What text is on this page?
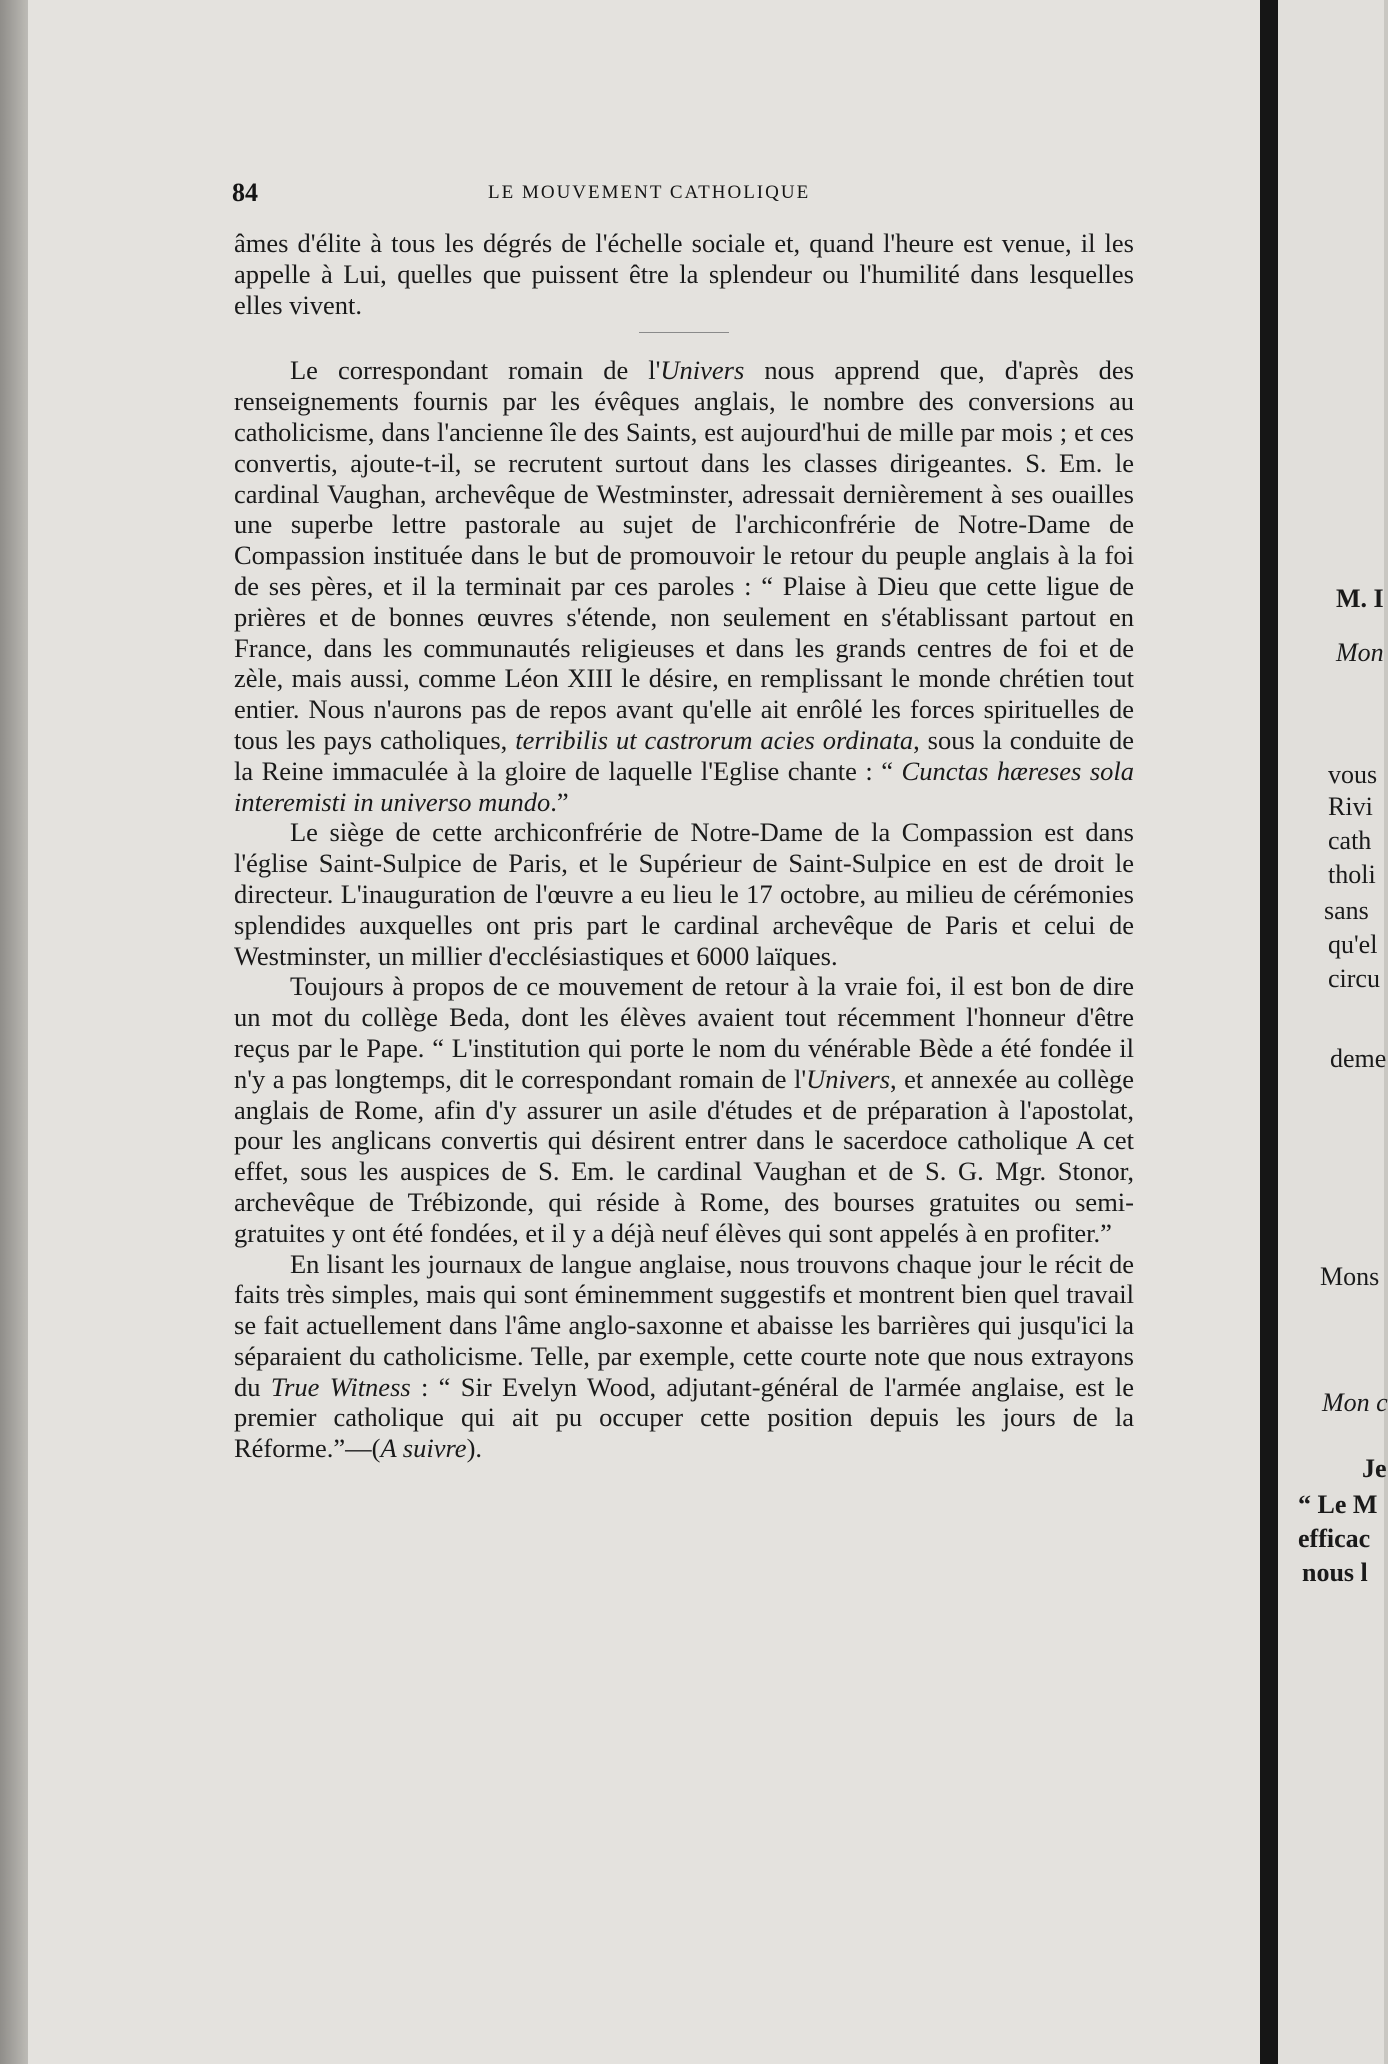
84	LE MOUVEMENT CATHOLIQUE

âmes d'élite à tous les dégrés de l'échelle sociale et, quand l'heure est venue, il les appelle à Lui, quelles que puissent être la splendeur ou l'humilité dans lesquelles elles vivent.

Le correspondant romain de l'Univers nous apprend que, d'après des renseignements fournis par les évêques anglais, le nombre des conversions au catholicisme, dans l'ancienne île des Saints, est aujourd'hui de mille par mois ; et ces convertis, ajoute-t-il, se recrutent surtout dans les classes dirigeantes. S. Em. le cardinal Vaughan, archevêque de Westminster, adressait dernièrement à ses ouailles une superbe lettre pastorale au sujet de l'archiconfrérie de Notre-Dame de Compassion instituée dans le but de promouvoir le retour du peuple anglais à la foi de ses pères, et il la terminait par ces paroles : “ Plaise à Dieu que cette ligue de prières et de bonnes œuvres s'étende, non seulement en s'établissant partout en France, dans les communautés religieuses et dans les grands centres de foi et de zèle, mais aussi, comme Léon XIII le désire, en remplissant le monde chrétien tout entier. Nous n'aurons pas de repos avant qu'elle ait enrôlé les forces spirituelles de tous les pays catholiques, terribilis ut castrorum acies ordinata, sous la conduite de la Reine immaculée à la gloire de laquelle l'Eglise chante : “ Cunctas hæreses sola interemisti in universo mundo.”

Le siège de cette archiconfrérie de Notre-Dame de la Compassion est dans l'église Saint-Sulpice de Paris, et le Supérieur de Saint-Sulpice en est de droit le directeur. L'inauguration de l'œuvre a eu lieu le 17 octobre, au milieu de cérémonies splendides auxquelles ont pris part le cardinal archevêque de Paris et celui de Westminster, un millier d'ecclésiastiques et 6000 laïques.

Toujours à propos de ce mouvement de retour à la vraie foi, il est bon de dire un mot du collège Beda, dont les élèves avaient tout récemment l'honneur d'être reçus par le Pape. “ L'institution qui porte le nom du vénérable Bède a été fondée il n'y a pas longtemps, dit le correspondant romain de l'Univers, et annexée au collège anglais de Rome, afin d'y assurer un asile d'études et de préparation à l'apostolat, pour les anglicans convertis qui désirent entrer dans le sacerdoce catholique A cet effet, sous les auspices de S. Em. le cardinal Vaughan et de S. G. Mgr. Stonor, archevêque de Trébizonde, qui réside à Rome, des bourses gratuites ou semi-gratuites y ont été fondées, et il y a déjà neuf élèves qui sont appelés à en profiter.”

En lisant les journaux de langue anglaise, nous trouvons chaque jour le récit de faits très simples, mais qui sont éminemment suggestifs et montrent bien quel travail se fait actuellement dans l'âme anglo-saxonne et abaisse les barrières qui jusqu'ici la séparaient du catholicisme. Telle, par exemple, cette courte note que nous extrayons du True Witness : “ Sir Evelyn Wood, adjutant-général de l'armée anglaise, est le premier catholique qui ait pu occuper cette position depuis les jours de la Réforme.”—(A suivre).

M. I
Mon
vous
Rivi
cath
tholi
sans
qu'el
circu
deme
Mons
Mon c
Je
“ Le M
efficac
nous l
